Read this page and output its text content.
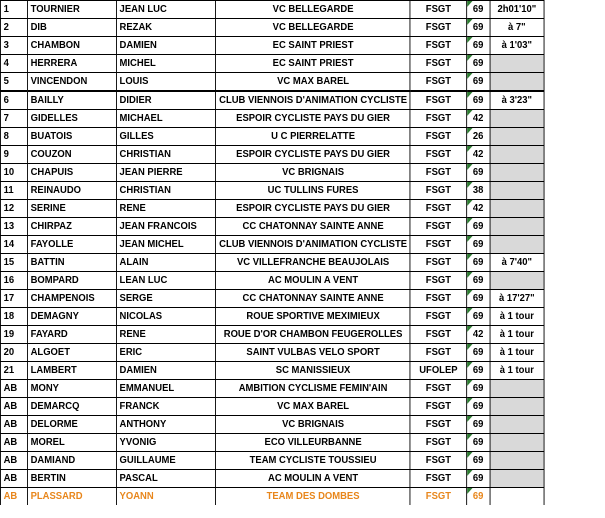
1	TOURNIER	JEAN LUC	VC BELLEGARDE	FSGT	69	2h01'10"
2	DIB	REZAK	VC BELLEGARDE	FSGT	69	à 7"
3	CHAMBON	DAMIEN	EC SAINT PRIEST	FSGT	69	à 1'03"
4	HERRERA	MICHEL	EC SAINT PRIEST	FSGT	69	
5	VINCENDON	LOUIS	VC MAX BAREL	FSGT	69	
6	BAILLY	DIDIER	CLUB VIENNOIS D'ANIMATION CYCLISTE	FSGT	69	à 3'23"
7	GIDELLES	MICHAEL	ESPOIR CYCLISTE PAYS DU GIER	FSGT	42	
8	BUATOIS	GILLES	U C PIERRELATTE	FSGT	26	
9	COUZON	CHRISTIAN	ESPOIR CYCLISTE PAYS DU GIER	FSGT	42	
10	CHAPUIS	JEAN PIERRE	VC BRIGNAIS	FSGT	69	
11	REINAUDO	CHRISTIAN	UC TULLINS FURES	FSGT	38	
12	SERINE	RENE	ESPOIR CYCLISTE PAYS DU GIER	FSGT	42	
13	CHIRPAZ	JEAN FRANCOIS	CC CHATONNAY SAINTE ANNE	FSGT	69	
14	FAYOLLE	JEAN MICHEL	CLUB VIENNOIS D'ANIMATION CYCLISTE	FSGT	69	
15	BATTIN	ALAIN	VC VILLEFRANCHE BEAUJOLAIS	FSGT	69	à 7'40"
16	BOMPARD	LEAN LUC	AC MOULIN A VENT	FSGT	69	
17	CHAMPENOIS	SERGE	CC CHATONNAY SAINTE ANNE	FSGT	69	à 17'27"
18	DEMAGNY	NICOLAS	ROUE SPORTIVE MEXIMIEUX	FSGT	69	à 1 tour
19	FAYARD	RENE	ROUE D'OR CHAMBON FEUGEROLLES	FSGT	42	à 1 tour
20	ALGOET	ERIC	SAINT VULBAS VELO SPORT	FSGT	69	à 1 tour
21	LAMBERT	DAMIEN	SC MANISSIEUX	UFOLEP	69	à 1 tour
AB	MONY	EMMANUEL	AMBITION CYCLISME FEMIN'AIN	FSGT	69	
AB	DEMARCQ	FRANCK	VC MAX BAREL	FSGT	69	
AB	DELORME	ANTHONY	VC BRIGNAIS	FSGT	69	
AB	MOREL	YVONIG	ECO VILLEURBANNE	FSGT	69	
AB	DAMIAND	GUILLAUME	TEAM CYCLISTE TOUSSIEU	FSGT	69	
AB	BERTIN	PASCAL	AC MOULIN A VENT	FSGT	69	
AB	PLASSARD	YOANN	TEAM DES DOMBES	FSGT	69	
